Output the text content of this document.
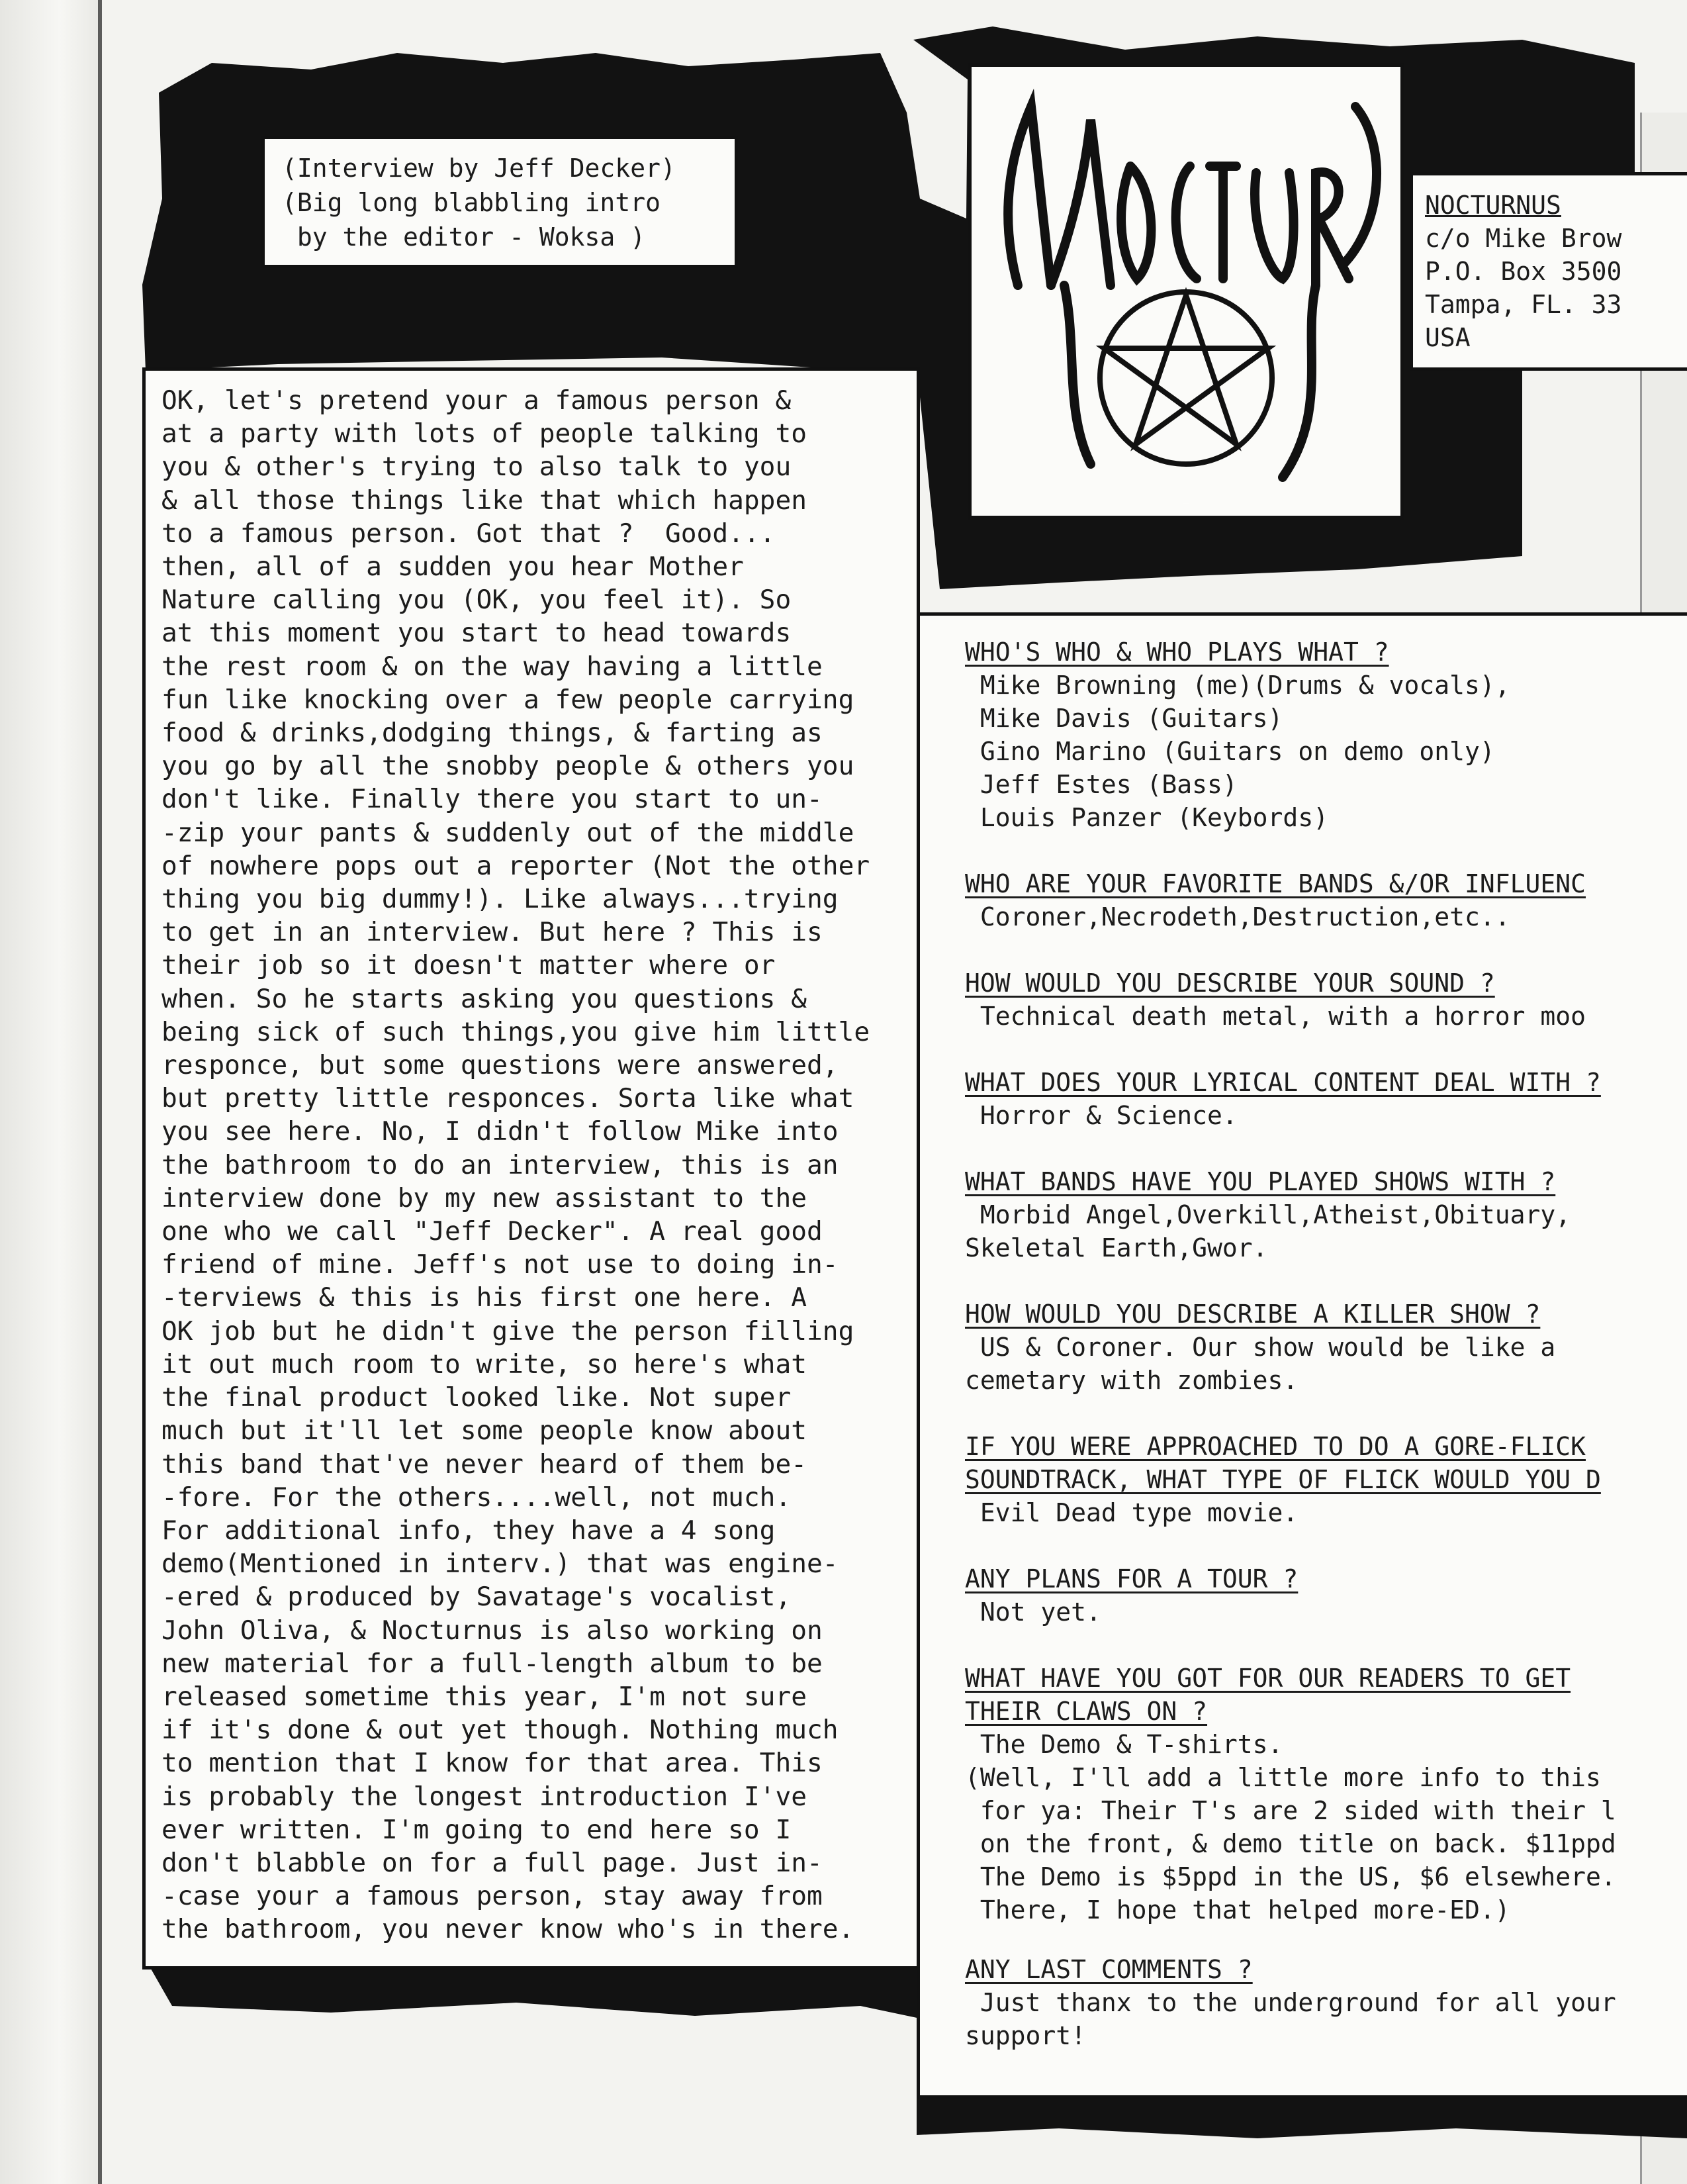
(Interview by Jeff Decker)
(Big long blabbling intro
by the editor - Woksa )
NOCTURNUS
NOCTURNUS
c/o Mike Brow
P.O. Box 3500
Tampa, FL. 33
USA
OK, let's pretend your a famous person &
at a party with lots of people talking to
you & other's trying to also talk to you
& all those things like that which happen
to a famous person. Got that ?  Good...
then, all of a sudden you hear Mother
Nature calling you (OK, you feel it). So
at this moment you start to head towards
the rest room & on the way having a little
fun like knocking over a few people carrying
food & drinks,dodging things, & farting as
you go by all the snobby people & others you
don't like. Finally there you start to un-
-zip your pants & suddenly out of the middle
of nowhere pops out a reporter (Not the other
thing you big dummy!). Like always...trying
to get in an interview. But here ? This is
their job so it doesn't matter where or
when. So he starts asking you questions &
being sick of such things,you give him little
responce, but some questions were answered,
but pretty little responces. Sorta like what
you see here. No, I didn't follow Mike into
the bathroom to do an interview, this is an
interview done by my new assistant to the
one who we call "Jeff Decker". A real good
friend of mine. Jeff's not use to doing in-
-terviews & this is his first one here. A
OK job but he didn't give the person filling
it out much room to write, so here's what
the final product looked like. Not super
much but it'll let some people know about
this band that've never heard of them be-
-fore. For the others....well, not much.
For additional info, they have a 4 song
demo(Mentioned in interv.) that was engine-
-ered & produced by Savatage's vocalist,
John Oliva, & Nocturnus is also working on
new material for a full-length album to be
released sometime this year, I'm not sure
if it's done & out yet though. Nothing much
to mention that I know for that area. This
is probably the longest introduction I've
ever written. I'm going to end here so I
don't blabble on for a full page. Just in-
-case your a famous person, stay away from
the bathroom, you never know who's in there.
WHO'S WHO & WHO PLAYS WHAT ?
Mike Browning (me)(Drums & vocals),
Mike Davis (Guitars)
Gino Marino (Guitars on demo only)
Jeff Estes (Bass)
Louis Panzer (Keybords)
WHO ARE YOUR FAVORITE BANDS &/OR INFLUENC
Coroner,Necrodeth,Destruction,etc..
HOW WOULD YOU DESCRIBE YOUR SOUND ?
Technical death metal, with a horror moo
WHAT DOES YOUR LYRICAL CONTENT DEAL WITH ?
Horror & Science.
WHAT BANDS HAVE YOU PLAYED SHOWS WITH ?
Morbid Angel,Overkill,Atheist,Obituary,
Skeletal Earth,Gwor.
HOW WOULD YOU DESCRIBE A KILLER SHOW ?
US & Coroner. Our show would be like a
cemetary with zombies.
IF YOU WERE APPROACHED TO DO A GORE-FLICK
SOUNDTRACK, WHAT TYPE OF FLICK WOULD YOU D
Evil Dead type movie.
ANY PLANS FOR A TOUR ?
Not yet.
WHAT HAVE YOU GOT FOR OUR READERS TO GET
THEIR CLAWS ON ?
The Demo & T-shirts.
(Well, I'll add a little more info to this
for ya: Their T's are 2 sided with their l
on the front, & demo title on back. $11ppd
The Demo is $5ppd in the US, $6 elsewhere.
There, I hope that helped more-ED.)
ANY LAST COMMENTS ?
Just thanx to the underground for all your
support!
